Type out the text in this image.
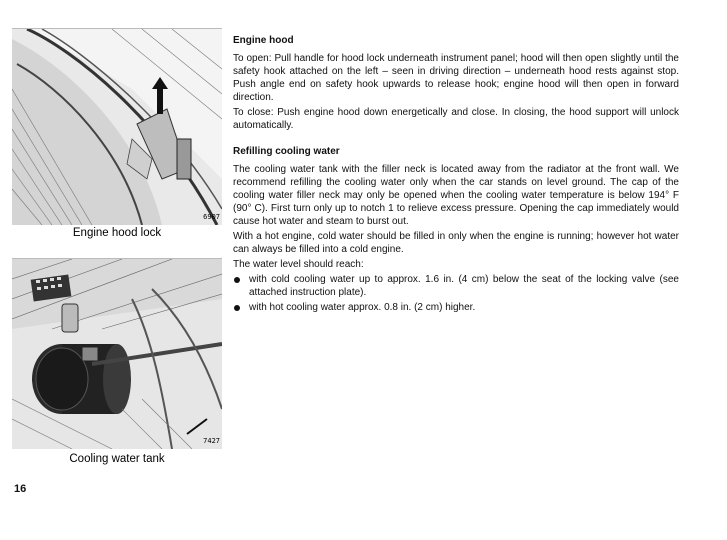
6907
Engine hood lock
7427
Cooling water tank
16
Engine hood

To open: Pull handle for hood lock underneath instrument panel; hood will then open slightly until the safety hook attached on the left – seen in driving direction – underneath hood rests against stop. Push angle end on safety hook upwards to release hook; engine hood will then open in forward direction.

To close: Push engine hood down energetically and close. In closing, the hood support will unlock automatically.

Refilling cooling water

The cooling water tank with the filler neck is located away from the radiator at the front wall. We recommend refilling the cooling water only when the car stands on level ground. The cap of the cooling water filler neck may only be opened when the cooling water temperature is below 194° F (90° C). First turn only up to notch 1 to relieve excess pressure. Opening the cap immediately would cause hot water and steam to burst out.

With a hot engine, cold water should be filled in only when the engine is running; however hot water can always be filled into a cold engine.

The water level should reach:

with cold cooling water up to approx. 1.6 in. (4 cm) below the seat of the locking valve (see attached instruction plate).
with hot cooling water approx. 0.8 in. (2 cm) higher.
